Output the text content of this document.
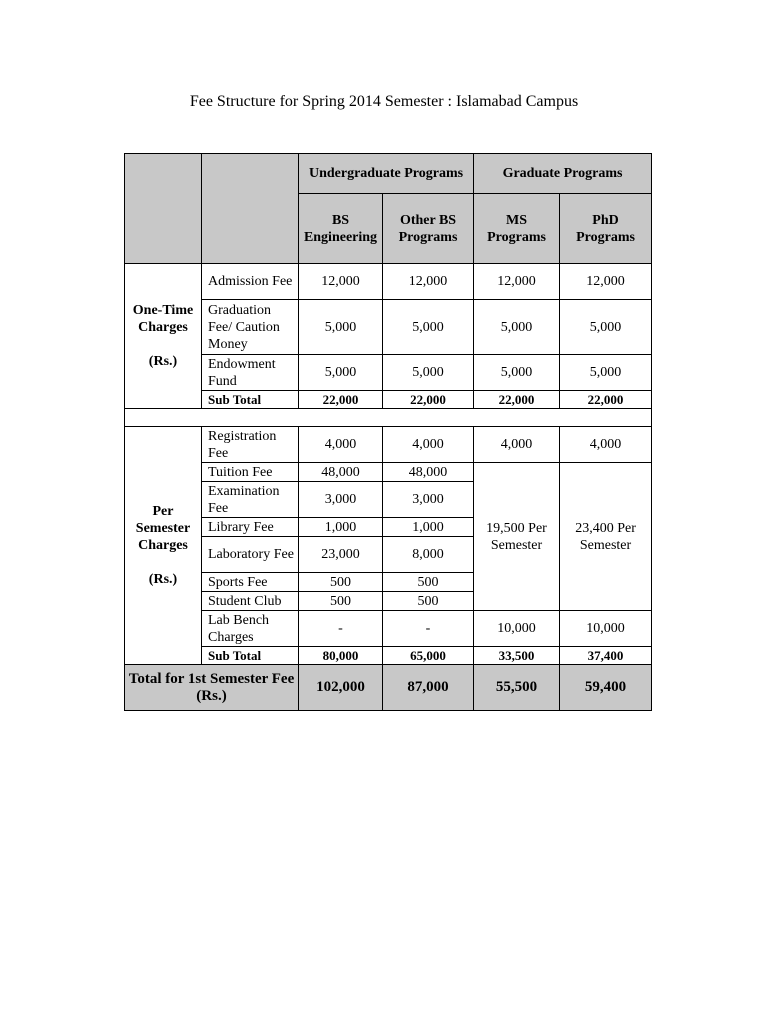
Fee Structure for Spring 2014 Semester : Islamabad Campus
		Undergraduate Programs		Graduate Programs	
		BS Engineering	Other BS Programs	MS Programs	PhD Programs

One-Time Charges
(Rs.)	Admission Fee	12,000	12,000	12,000	12,000
	Graduation Fee/ Caution Money	5,000	5,000	5,000	5,000
	Endowment Fund	5,000	5,000	5,000	5,000
	Sub Total	22,000	22,000	22,000	22,000

Per Semester Charges
(Rs.)	Registration Fee	4,000	4,000	4,000	4,000
	Tuition Fee	48,000	48,000	19,500 Per Semester	23,400 Per Semester
	Examination Fee	3,000	3,000		
	Library Fee	1,000	1,000		
	Laboratory Fee	23,000	8,000		
	Sports Fee	500	500		
	Student Club	500	500		
	Lab Bench Charges	-	-	10,000	10,000
	Sub Total	80,000	65,000	33,500	37,400
Total for 1st Semester Fee (Rs.)		102,000	87,000	55,500	59,400
